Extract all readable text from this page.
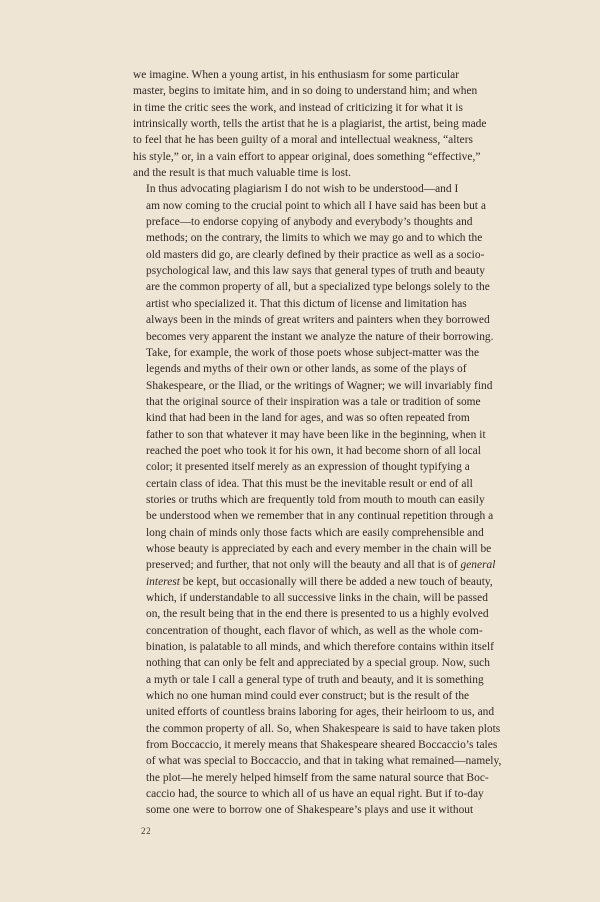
we imagine. When a young artist, in his enthusiasm for some particular
master, begins to imitate him, and in so doing to understand him; and when
in time the critic sees the work, and instead of criticizing it for what it is
intrinsically worth, tells the artist that he is a plagiarist, the artist, being made
to feel that he has been guilty of a moral and intellectual weakness, “alters
his style,” or, in a vain effort to appear original, does something “effective,”
and the result is that much valuable time is lost.
In thus advocating plagiarism I do not wish to be understood—and I
am now coming to the crucial point to which all I have said has been but a
preface—to endorse copying of anybody and everybody’s thoughts and
methods; on the contrary, the limits to which we may go and to which the
old masters did go, are clearly defined by their practice as well as a socio-
psychological law, and this law says that general types of truth and beauty
are the common property of all, but a specialized type belongs solely to the
artist who specialized it. That this dictum of license and limitation has
always been in the minds of great writers and painters when they borrowed
becomes very apparent the instant we analyze the nature of their borrowing.
Take, for example, the work of those poets whose subject-matter was the
legends and myths of their own or other lands, as some of the plays of
Shakespeare, or the Iliad, or the writings of Wagner; we will invariably find
that the original source of their inspiration was a tale or tradition of some
kind that had been in the land for ages, and was so often repeated from
father to son that whatever it may have been like in the beginning, when it
reached the poet who took it for his own, it had become shorn of all local
color; it presented itself merely as an expression of thought typifying a
certain class of idea. That this must be the inevitable result or end of all
stories or truths which are frequently told from mouth to mouth can easily
be understood when we remember that in any continual repetition through a
long chain of minds only those facts which are easily comprehensible and
whose beauty is appreciated by each and every member in the chain will be
preserved; and further, that not only will the beauty and all that is of general
interest be kept, but occasionally will there be added a new touch of beauty,
which, if understandable to all successive links in the chain, will be passed
on, the result being that in the end there is presented to us a highly evolved
concentration of thought, each flavor of which, as well as the whole com-
bination, is palatable to all minds, and which therefore contains within itself
nothing that can only be felt and appreciated by a special group. Now, such
a myth or tale I call a general type of truth and beauty, and it is something
which no one human mind could ever construct; but is the result of the
united efforts of countless brains laboring for ages, their heirloom to us, and
the common property of all. So, when Shakespeare is said to have taken plots
from Boccaccio, it merely means that Shakespeare sheared Boccaccio’s tales
of what was special to Boccaccio, and that in taking what remained—namely,
the plot—he merely helped himself from the same natural source that Boc-
caccio had, the source to which all of us have an equal right. But if to-day
some one were to borrow one of Shakespeare’s plays and use it without
22
